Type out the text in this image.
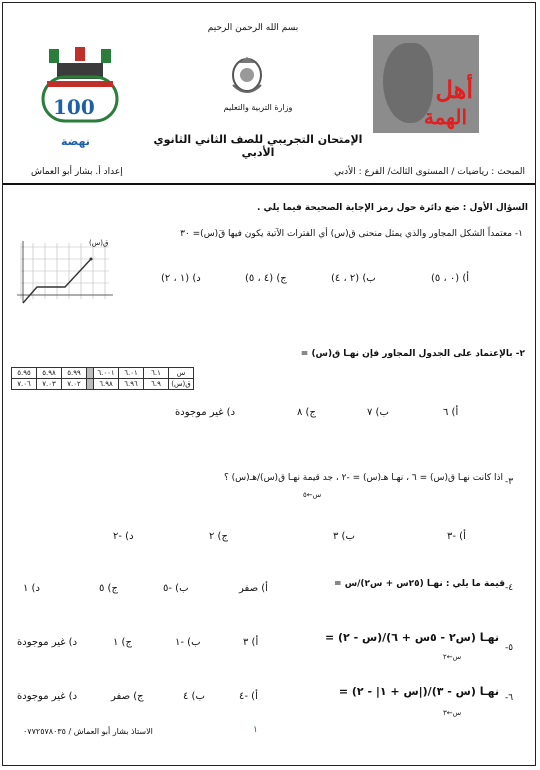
بسم الله الرحمن الرحيم
وزارة التربية والتعليم
الإمتحان التجريبي للصف الثاني الثانوي الأدبي
أهل
الهمة
100
نهضة
المبحث : رياضيات / المستوى الثالث/ الفرع : الأدبي
إعداد أ. بشار أبو العماش
السؤال الأول : ضع دائرة حول رمز الإجابة الصحيحة فيما يلي .
١- معتمداً الشكل المجاور والذي يمثل منحنى ق(س) أي الفترات الآتية يكون فيها قَ(س)= ٣٠
ق(س)
أ) (٠ ، ٥)
ب) (٢ ، ٤)
ج) (٤ ، ٥)
د) (١ ، ٢)
٢- بالإعتماد على الجدول المجاور فإن نهـا ق(س) =
٥.٩٥	٥.٩٨	٥.٩٩		٦.٠٠١	٦.٠١	٦.١	س
٧.٠٦	٧.٠٣	٧.٠٢		٦.٩٨	٦.٩٦	٦.٩	ق(س)
أ) ٦
ب) ٧
ج) ٨
د) غير موجودة
اذا كانت نهـا ق(س) = ٦ ، نهـا هـ(س) = -٢ ، جد قيمة نهـا ق(س)/هـ(س) ؟ ٣-
س←٥
أ) -٣
ب) ٣
ج) ٢
د) -٢
قيمة ما يلي : نهـا (٢٥س + س٢)/س = ٤-
أ) صفر
ب) -٥
ج) ٥
د) ١
نهـا (س٢ - ٥س + ٦)/(س - ٢) =
٥-
س←٢
أ) ٣
ب) -١
ج) ١
د) غير موجودة
نهـا (س - ٣)/(|س + ١| - ٢) = ٦-
س←٣
أ) -٤
ب) ٤
ج) صفر
د) غير موجودة
الاستاذ بشار أبو العماش / ٠٧٧٢٥٧٨٠٣٥	١
